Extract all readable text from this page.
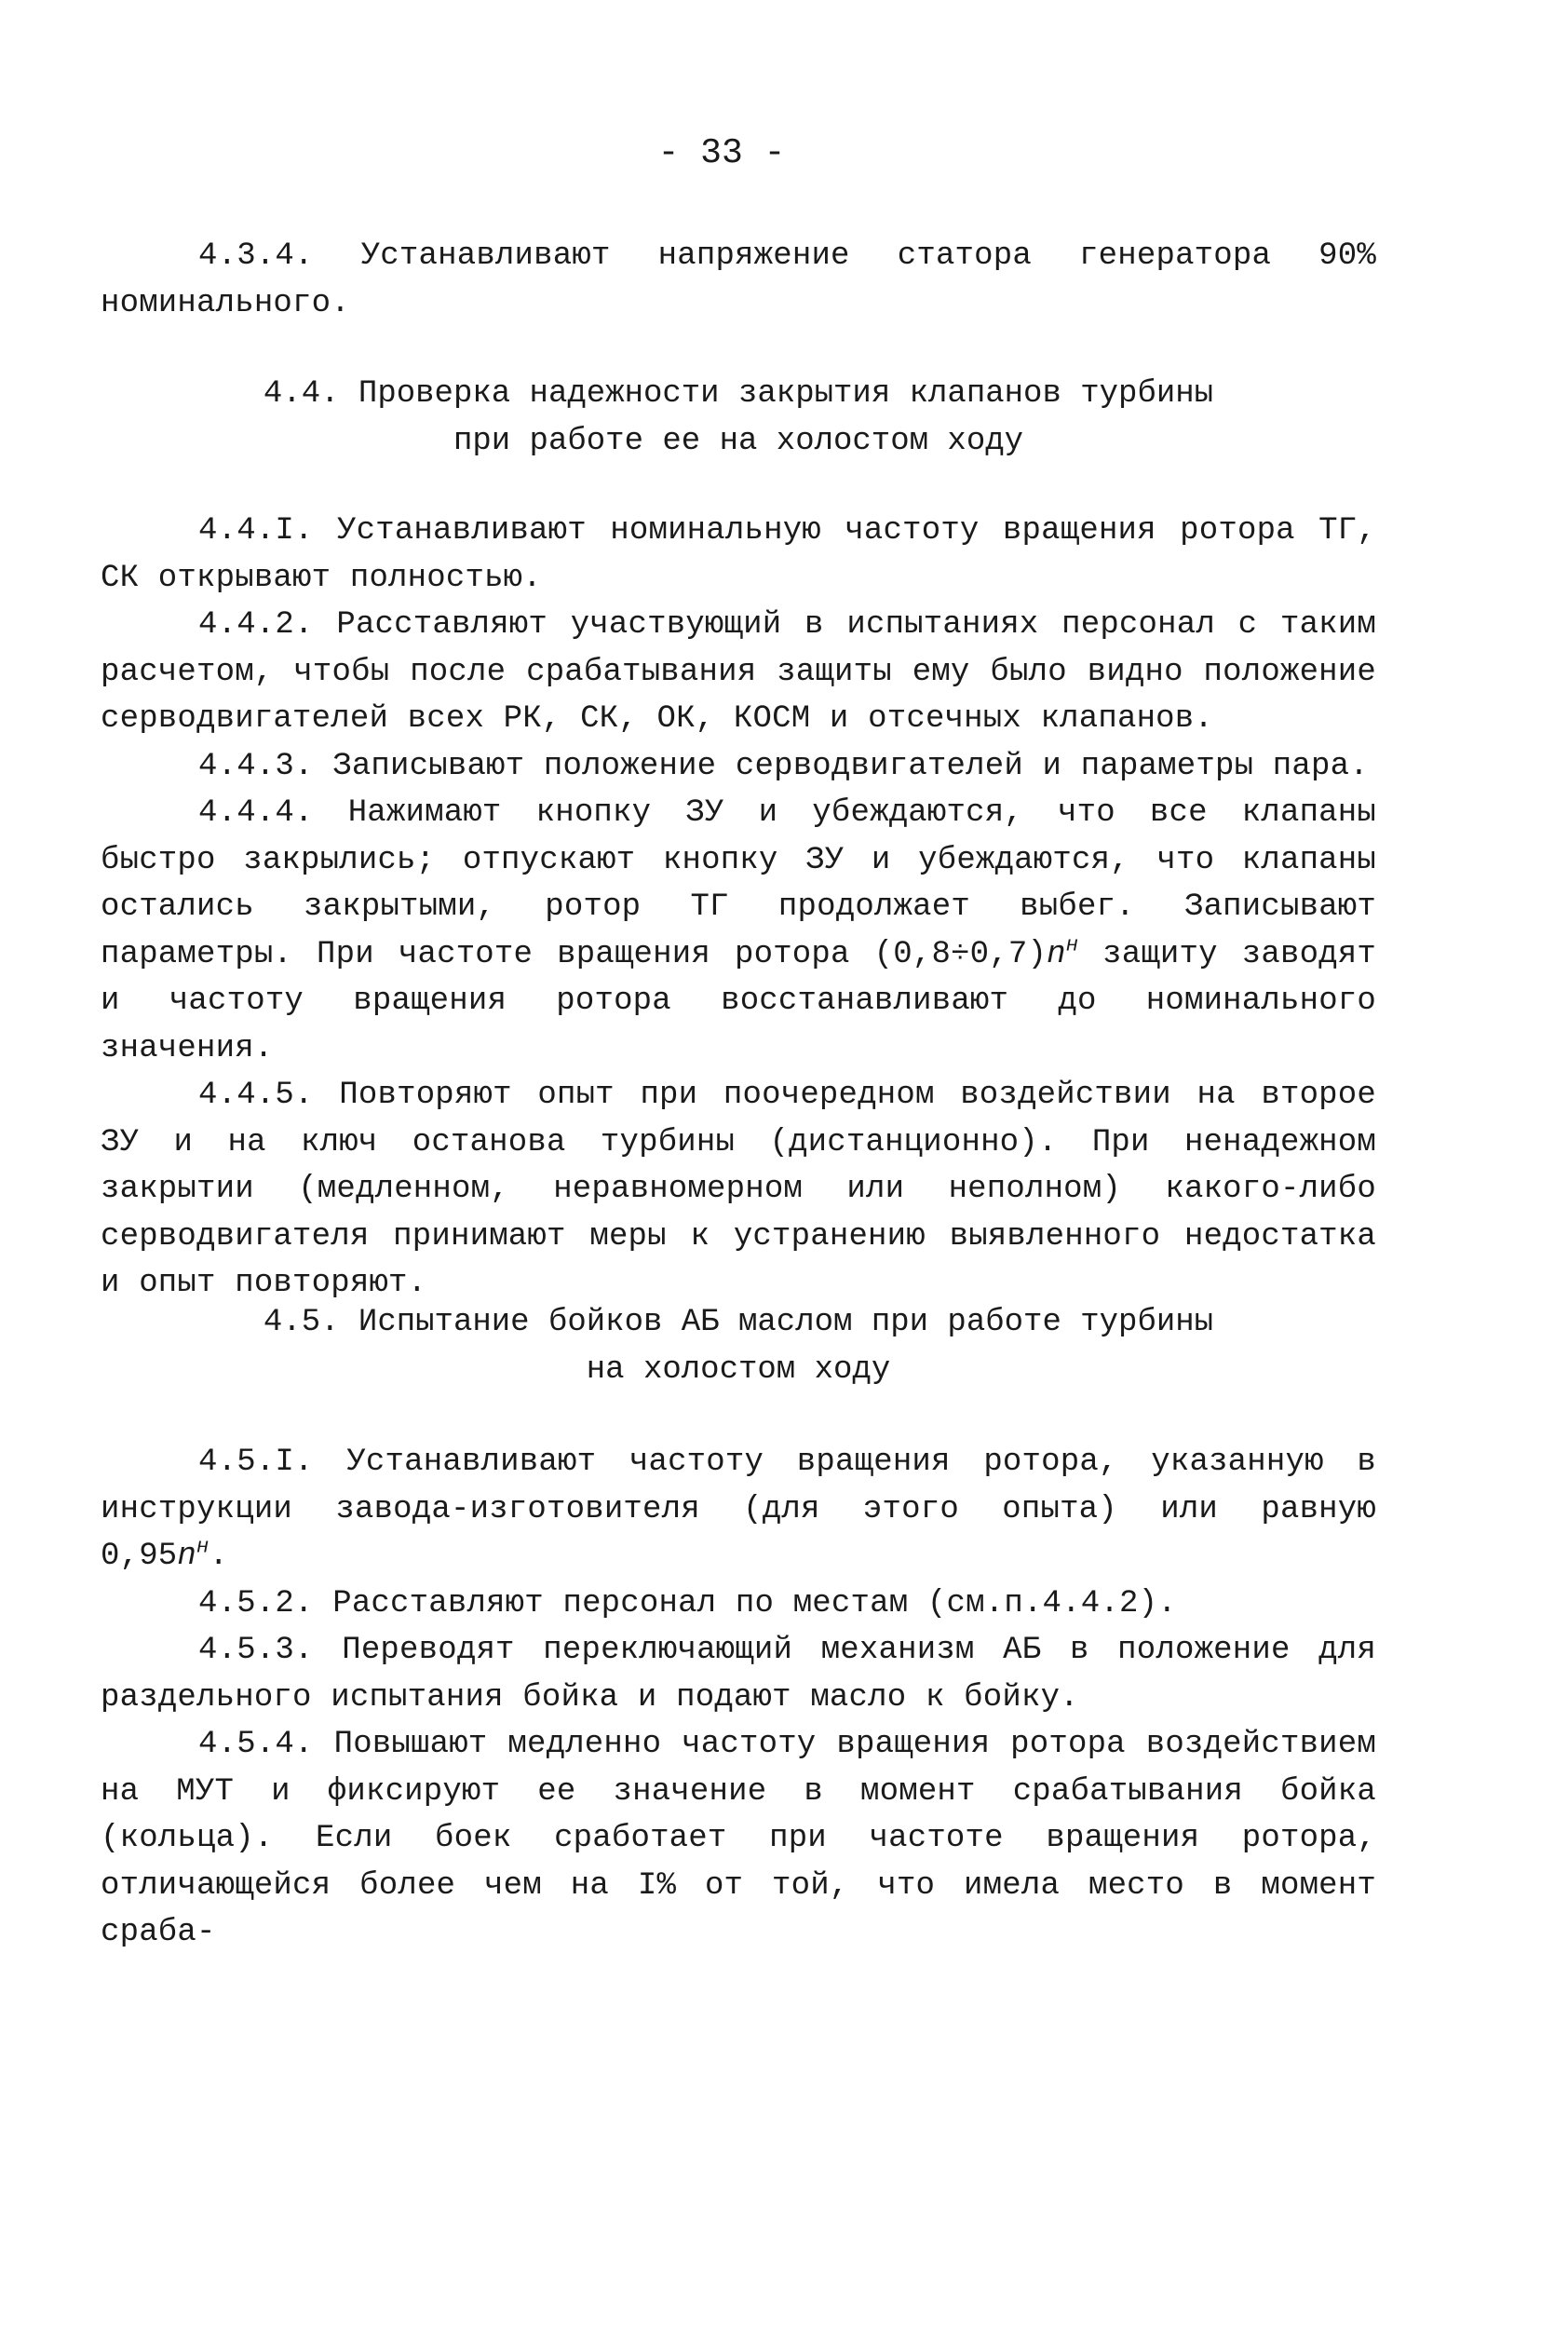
- 33 -

4.3.4. Устанавливают напряжение статора генератора 90% номинального.

4.4. Проверка надежности закрытия клапанов турбины
при работе ее на холостом ходу

4.4.I. Устанавливают номинальную частоту вращения ротора ТГ, СК открывают полностью.

4.4.2. Расставляют участвующий в испытаниях персонал с таким расчетом, чтобы после срабатывания защиты ему было видно положение серводвигателей всех РК, СК, ОК, КОСМ и отсечных клапанов.

4.4.3. Записывают положение серводвигателей и параметры пара.

4.4.4. Нажимают кнопку ЗУ и убеждаются, что все клапаны быстро закрылись; отпускают кнопку ЗУ и убеждаются, что клапаны остались закрытыми, ротор ТГ продолжает выбег. Записывают параметры. При частоте вращения ротора $(0,8\div 0,7)n^н$ защиту заводят и частоту вращения ротора восстанавливают до номинального значения.

4.4.5. Повторяют опыт при поочередном воздействии на второе ЗУ и на ключ останова турбины (дистанционно). При ненадежном закрытии (медленном, неравномерном или неполном) какого-либо серводвигателя принимают меры к устранению выявленного недостатка и опыт повторяют.

4.5. Испытание бойков АБ маслом при работе турбины
на холостом ходу

4.5.I. Устанавливают частоту вращения ротора, указанную в инструкции завода-изготовителя (для этого опыта) или равную $0,95n^н$.

4.5.2. Расставляют персонал по местам (см.п.4.4.2).

4.5.3. Переводят переключающий механизм АБ в положение для раздельного испытания бойка и подают масло к бойку.

4.5.4. Повышают медленно частоту вращения ротора воздействием на МУТ и фиксируют ее значение в момент срабатывания бойка (кольца). Если боек сработает при частоте вращения ротора, отличающейся более чем на I% от той, что имела место в момент сраба-
